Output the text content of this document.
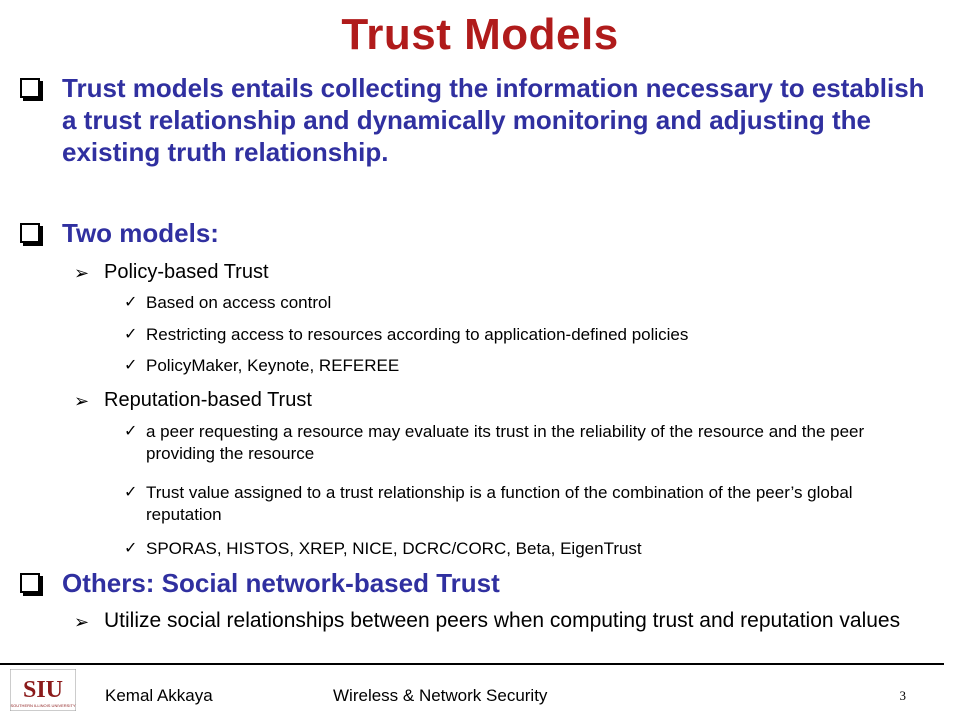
Trust Models
Trust models entails collecting the information necessary to establish a trust relationship and dynamically monitoring and adjusting the existing truth relationship.
Two models:
➢ Policy-based Trust
✓ Based on access control
✓ Restricting access to resources according to application-defined policies
✓ PolicyMaker, Keynote, REFEREE
➢ Reputation-based Trust
✓ a peer requesting a resource may evaluate its trust in the reliability of the resource and the peer providing the resource
✓ Trust value assigned to a trust relationship is a function of the combination of the peer’s global reputation
✓ SPORAS, HISTOS, XREP, NICE, DCRC/CORC, Beta, EigenTrust
Others: Social network-based Trust
➢ Utilize social relationships between peers when computing trust and reputation values
SIU
SOUTHERN ILLINOIS UNIVERSITY
Kemal Akkaya	Wireless & Network Security	3
